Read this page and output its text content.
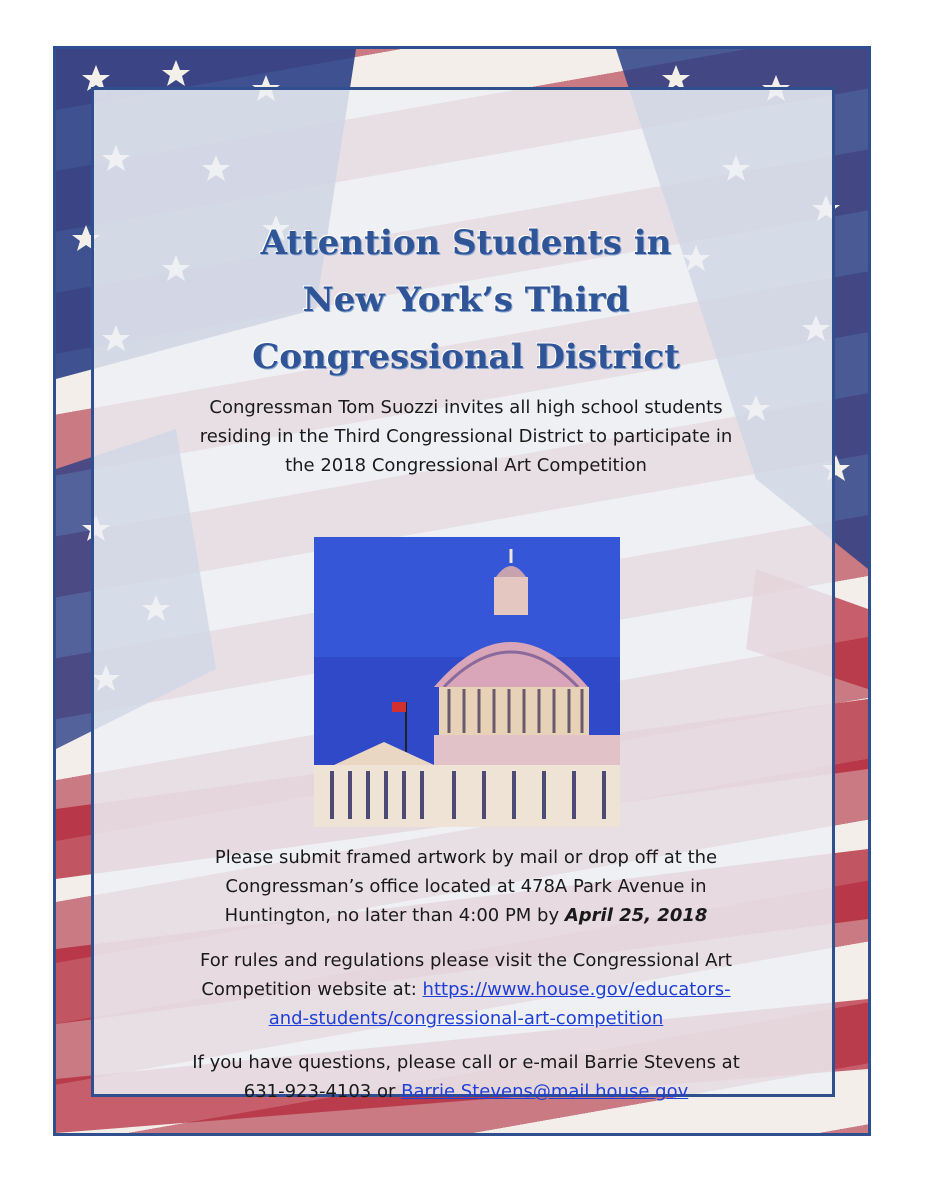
Attention Students in
New York’s Third
Congressional District

Congressman Tom Suozzi invites all high school students
residing in the Third Congressional District to participate in
the 2018 Congressional Art Competition

Please submit framed artwork by mail or drop off at the
Congressman’s office located at 478A Park Avenue in
Huntington, no later than 4:00 PM by April 25, 2018

For rules and regulations please visit the Congressional Art
Competition website at: https://www.house.gov/educators-
and-students/congressional-art-competition

If you have questions, please call or e-mail Barrie Stevens at
631-923-4103 or Barrie.Stevens@mail.house.gov
